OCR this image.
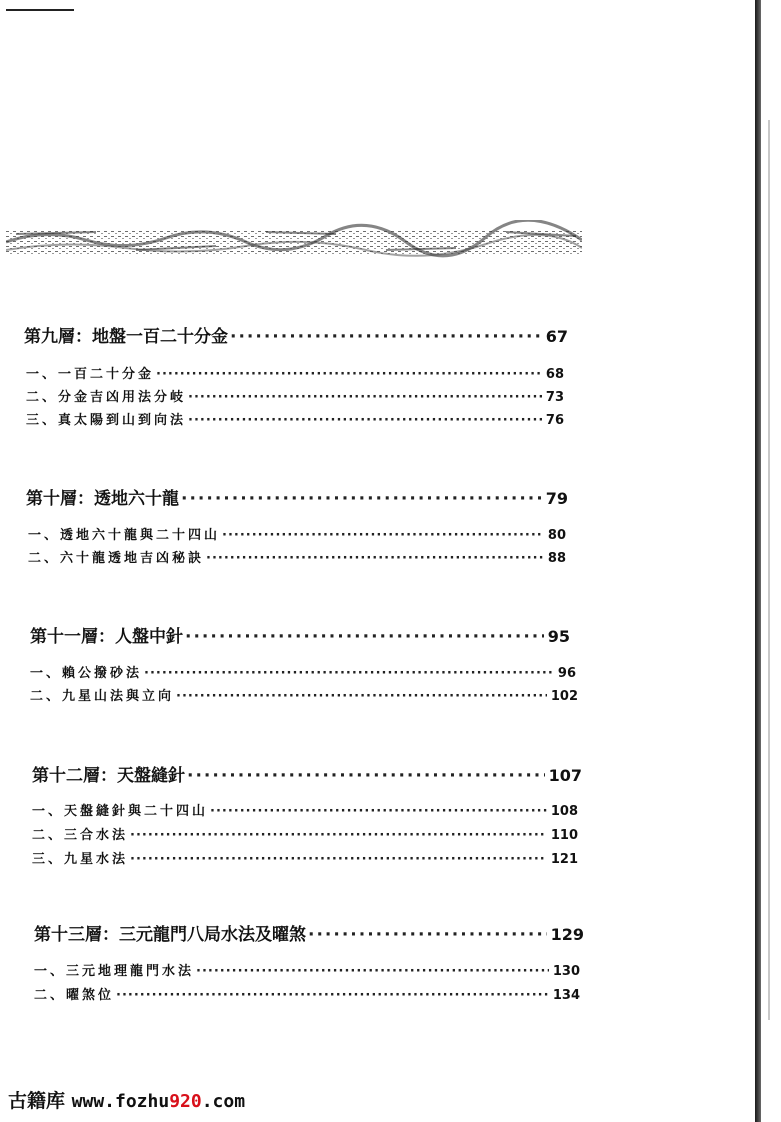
第九層：地盤一百二十分金 ·····	67
一、一百二十分金 ·····	68
二、分金吉凶用法分岐 ·····	73
三、真太陽到山到向法 ·····	76
第十層：透地六十龍 ·····	79
一、透地六十龍與二十四山 ·····	80
二、六十龍透地吉凶秘訣 ·····	88
第十一層：人盤中針 ·····	95
一、賴公撥砂法 ·····	96
二、九星山法與立向 ·····	102
第十二層：天盤縫針 ·····	107
一、天盤縫針與二十四山 ·····	108
二、三合水法 ·····	110
三、九星水法 ·····	121
第十三層：三元龍門八局水法及曜煞 ·····	129
一、三元地理龍門水法 ·····	130
二、曜煞位 ·····	134
古籍库 www.fozhu920.com
